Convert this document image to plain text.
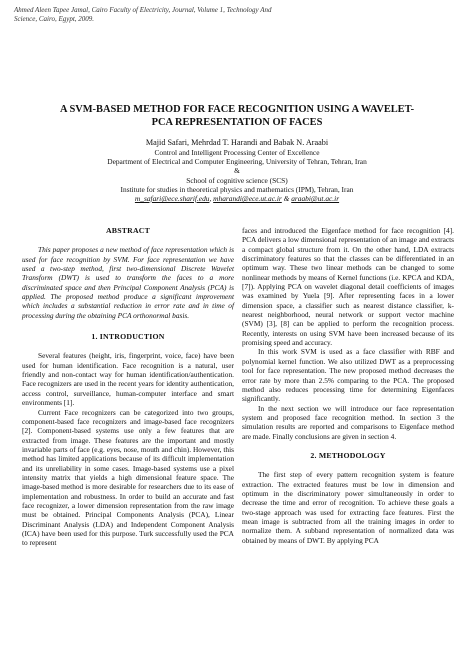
Ahmed Aleen Tapee Jamal, Cairo Faculty of Electricity, Journal, Volume 1, Technology And
Science, Cairo, Egypt, 2009.
A SVM-BASED METHOD FOR FACE RECOGNITION USING A WAVELET-
PCA REPRESENTATION OF FACES
Majid Safari, Mehrdad T. Harandi and Babak N. Araabi
Control and Intelligent Processing Center of Excellence
Department of Electrical and Computer Engineering, University of Tehran, Tehran, Iran
&
School of cognitive science (SCS)
Institute for studies in theoretical physics and mathematics (IPM), Tehran, Iran
m_safari@ece.sharif.edu, mharandi@ece.ut.ac.ir & araabi@ut.ac.ir
ABSTRACT

This paper proposes a new method of face representation which is used for face recognition by SVM. For face representation we have used a two-step method, first two-dimensional Discrete Wavelet Transform (DWT) is used to transform the faces to a more discriminated space and then Principal Component Analysis (PCA) is applied. The proposed method produce a significant improvement which includes a substantial reduction in error rate and in time of processing during the obtaining PCA orthonormal basis.

1. INTRODUCTION

Several features (height, iris, fingerprint, voice, face) have been used for human identification. Face recognition is a natural, user friendly and non-contact way for human identification/authentication. Face recognizers are used in the recent years for identity authentication, access control, surveillance, human-computer interface and smart environments [1].

Current Face recognizers can be categorized into two groups, component-based face recognizers and image-based face recognizers [2]. Component-based systems use only a few features that are extracted from image. These features are the important and mostly invariable parts of face (e.g. eyes, nose, mouth and chin). However, this method has limited applications because of its difficult implementation and its unreliability in some cases. Image-based systems use a pixel intensity matrix that yields a high dimensional feature space. The image-based method is more desirable for researchers due to its ease of implementation and robustness. In order to build an accurate and fast face recognizer, a lower dimension representation from the raw image must be obtained. Principal Components Analysis (PCA), Linear Discriminant Analysis (LDA) and Independent Component Analysis (ICA) have been used for this purpose. Turk successfully used the PCA to represent

faces and introduced the Eigenface method for face recognition [4]. PCA delivers a low dimensional representation of an image and extracts a compact global structure from it. On the other hand, LDA extracts discriminatory features so that the classes can be differentiated in an optimum way. These two linear methods can be changed to some nonlinear methods by means of Kernel functions (i.e. KPCA and KDA, [7]). Applying PCA on wavelet diagonal detail coefficients of images was examined by Yuela [9]. After representing faces in a lower dimension space, a classifier such as nearest distance classifier, k-nearest neighborhood, neural network or support vector machine (SVM) [3], [8] can be applied to perform the recognition process. Recently, interests on using SVM have been increased because of its promising speed and accuracy.

In this work SVM is used as a face classifier with RBF and polynomial kernel function. We also utilized DWT as a preprocessing tool for face representation. The new proposed method decreases the error rate by more than 2.5% comparing to the PCA. The proposed method also reduces processing time for determining Eigenfaces significantly.

In the next section we will introduce our face representation system and proposed face recognition method. In section 3 the simulation results are reported and comparisons to Eigenface method are made. Finally conclusions are given in section 4.

2. METHODOLOGY

The first step of every pattern recognition system is feature extraction. The extracted features must be low in dimension and optimum in the discriminatory power simultaneously in order to decrease the time and error of recognition. To achieve these goals a two-stage approach was used for extracting face features. First the mean image is subtracted from all the training images in order to normalize them. A subband representation of normalized data was obtained by means of DWT. By applying PCA
